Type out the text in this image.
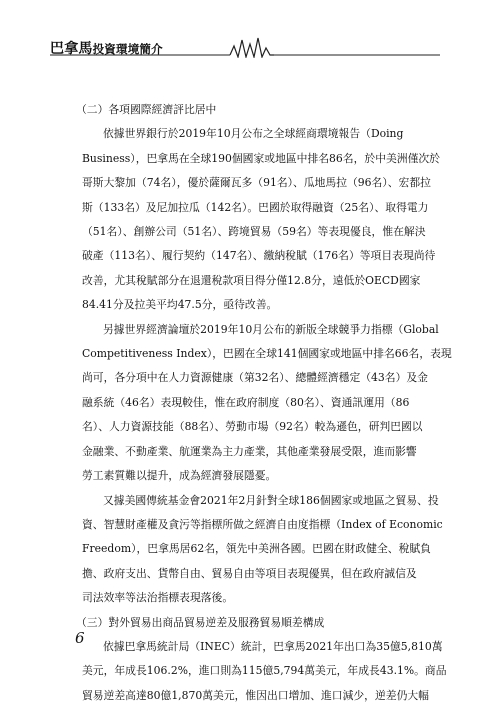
巴拿馬投資環境簡介
（二）各項國際經濟評比居中

依據世界銀行於2019年10月公布之全球經商環境報告（Doing

Business），巴拿馬在全球190個國家或地區中排名86名，於中美洲僅次於

哥斯大黎加（74名），優於薩爾瓦多（91名）、瓜地馬拉（96名）、宏都拉

斯（133名）及尼加拉瓜（142名）。巴國於取得融資（25名）、取得電力

（51名）、創辦公司（51名）、跨境貿易（59名）等表現優良，惟在解決

破產（113名）、履行契約（147名）、繳納稅賦（176名）等項目表現尚待

改善，尤其稅賦部分在退還稅款項目得分僅12.8分，遠低於OECD國家

84.41分及拉美平均47.5分，亟待改善。

另據世界經濟論壇於2019年10月公布的新版全球競爭力指標（Global

Competitiveness Index），巴國在全球141個國家或地區中排名66名，表現

尚可，各分項中在人力資源健康（第32名）、總體經濟穩定（43名）及金

融系統（46名）表現較佳，惟在政府制度（80名）、資通訊運用（86

名）、人力資源技能（88名）、勞動市場（92名）較為遜色，研判巴國以

金融業、不動產業、航運業為主力產業，其他產業發展受限，進而影響

勞工素質難以提升，成為經濟發展隱憂。

又據美國傳統基金會2021年2月針對全球186個國家或地區之貿易、投

資、智慧財產權及貪污等指標所做之經濟自由度指標（Index of Economic

Freedom），巴拿馬居62名，領先中美洲各國。巴國在財政健全、稅賦負

擔、政府支出、貨幣自由、貿易自由等項目表現優異，但在政府誠信及

司法效率等法治指標表現落後。

（三）對外貿易出商品貿易逆差及服務貿易順差構成

依據巴拿馬統計局（INEC）統計，巴拿馬2021年出口為35億5,810萬

美元，年成長106.2%，進口則為115億5,794萬美元，年成長43.1%。商品

貿易逆差高達80億1,870萬美元，惟因出口增加、進口減少，逆差仍大幅

6
